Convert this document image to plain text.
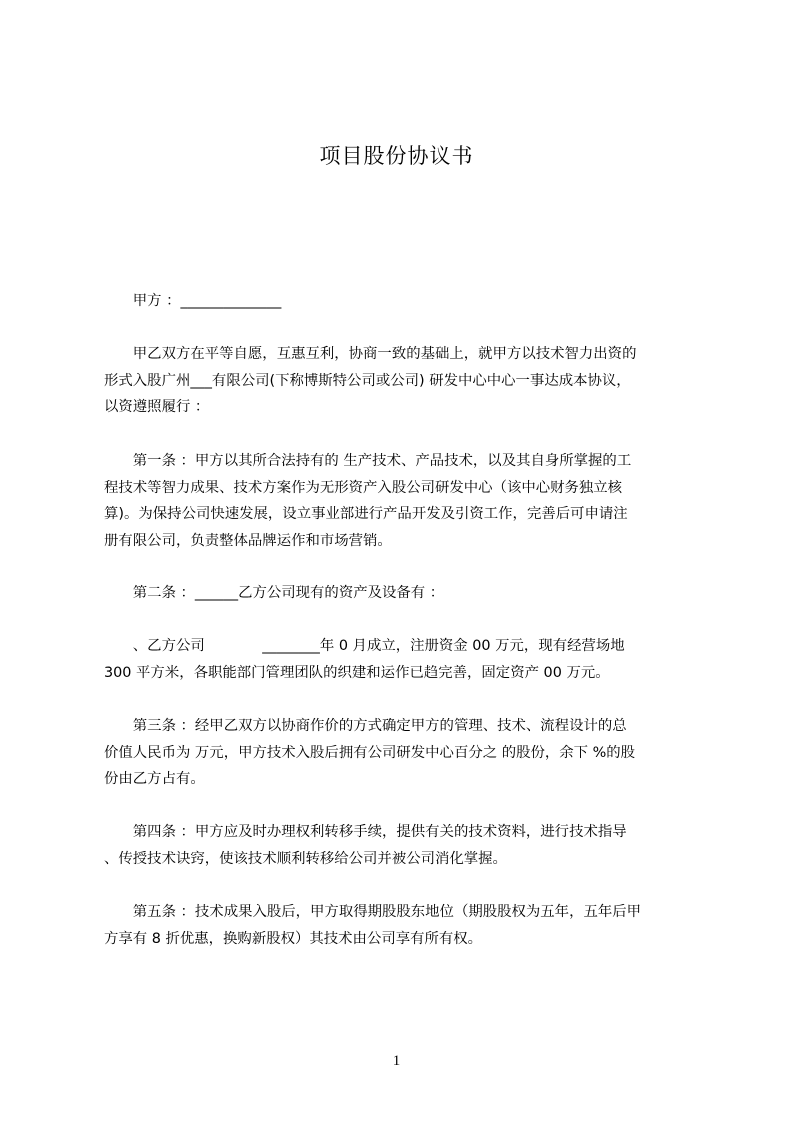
项目股份协议书
　　甲方 ：______________
　　甲乙双方在平等自愿，互惠互利，协商一致的基础上，就甲方以技术智力出资的
形式入股广州___有限公司(下称博斯特公司或公司) 研发中心中心一事达成本协议，
以资遵照履行 ：
　　第一条 ：甲方以其所合法持有的 生产技术、产品技术，以及其自身所掌握的工
程技术等智力成果、技术方案作为无形资产入股公司研发中心（该中心财务独立核
算)。为保持公司快速发展，设立事业部进行产品开发及引资工作，完善后可申请注
册有限公司，负责整体品牌运作和市场营销。
　　第二条 ：______乙方公司现有的资产及设备有 ：
　　、乙方公司　　　　________年 0 月成立，注册资金 00 万元，现有经营场地
300 平方米，各职能部门管理团队的织建和运作已趋完善，固定资产 00 万元。
　　第三条 ：经甲乙双方以协商作价的方式确定甲方的管理、技术、流程设计的总
价值人民币为 万元，甲方技术入股后拥有公司研发中心百分之 的股份，余下 %的股
份由乙方占有。
　　第四条 ：甲方应及时办理权利转移手续，提供有关的技术资料，进行技术指导
、传授技术诀窍，使该技术顺利转移给公司并被公司消化掌握。
　　第五条 ：技术成果入股后，甲方取得期股股东地位（期股股权为五年，五年后甲
方享有 8 折优惠，换购新股权）其技术由公司享有所有权。
1
